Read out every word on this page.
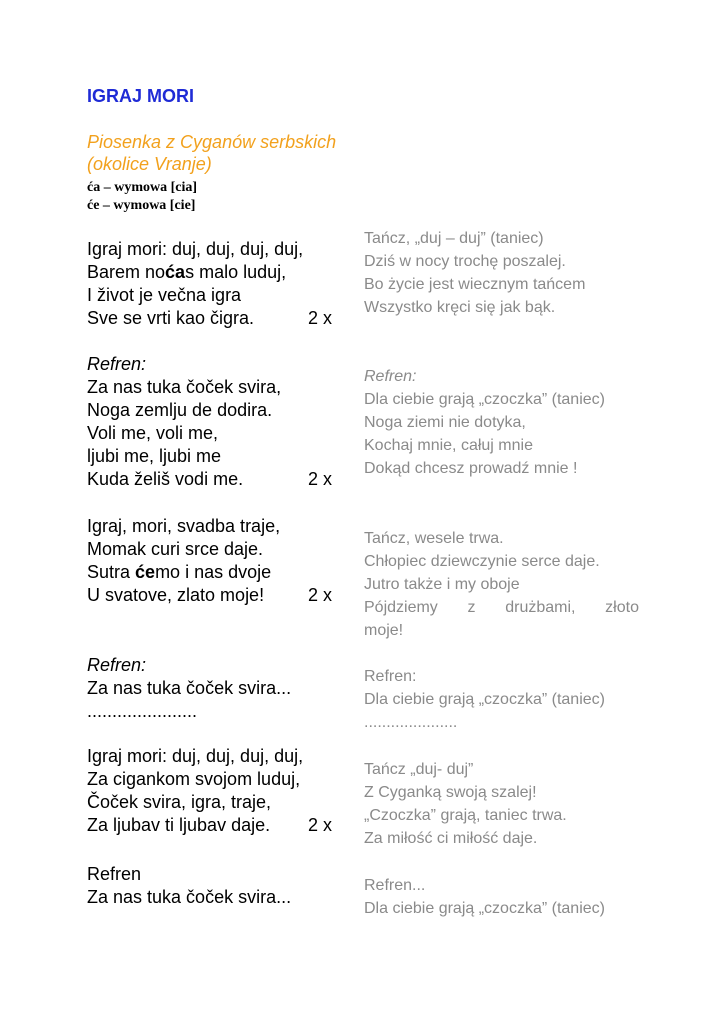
IGRAJ MORI
Piosenka z Cyganów serbskich
(okolice Vranje)
ća – wymowa [cia]
će – wymowa [cie]
Igraj mori: duj, duj, duj, duj,
Barem noćas malo luduj,
I život je večna igra
Sve se vrti kao čigra.	2 x
Refren:
Za nas tuka čoček svira,
Noga zemlju de dodira.
Voli me, voli me,
ljubi me, ljubi me
Kuda želiš vodi me.	2 x
Igraj, mori, svadba traje,
Momak curi srce daje.
Sutra ćemo i nas dvoje
U svatove, zlato moje! 2 x
Refren:
Za nas tuka čoček svira...
......................
Igraj mori: duj, duj, duj, duj,
Za cigankom svojom luduj,
Čoček svira, igra, traje,
Za ljubav ti ljubav daje. 2 x
Refren
Za nas tuka čoček svira...
Tańcz, „duj – duj” (taniec)
Dziś w nocy trochę poszalej.
Bo życie jest wiecznym tańcem
Wszystko kręci się jak bąk.
Refren:
Dla ciebie grają „czoczka” (taniec)
Noga ziemi nie dotyka,
Kochaj mnie, całuj mnie
Dokąd chcesz prowadź mnie !
Tańcz, wesele trwa.
Chłopiec dziewczynie serce daje.
Jutro także i my oboje
Pójdziemy z drużbami, złoto
moje!
Refren:
Dla ciebie grają „czoczka” (taniec)
.....................
Tańcz „duj- duj”
Z Cyganką swoją szalej!
„Czoczka” grają, taniec trwa.
Za miłość ci miłość daje.
Refren...
Dla ciebie grają „czoczka” (taniec)
